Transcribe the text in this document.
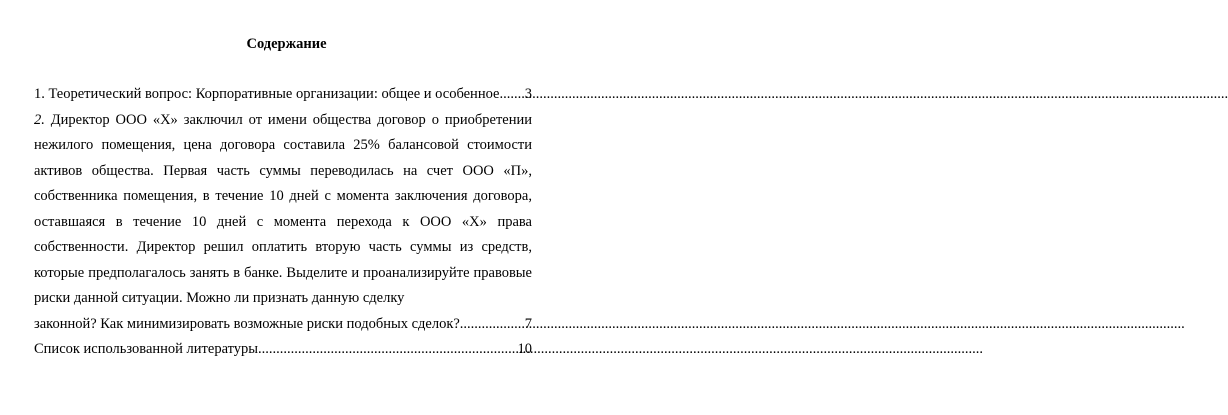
Содержание
1. Теоретический вопрос: Корпоративные организации: общее и особенное. ..... 3
2. Директор ООО «Х» заключил от имени общества договор о приобретении нежилого помещения, цена договора составила 25% балансовой стоимости активов общества. Первая часть суммы переводилась на счет ООО «П», собственника помещения, в течение 10 дней с момента заключения договора, оставшаяся в течение 10 дней с момента перехода к ООО «Х» права собственности. Директор решил оплатить вторую часть суммы из средств, которые предполагалось занять в банке. Выделите и проанализируйте правовые риски данной ситуации. Можно ли признать данную сделку
законной? Как минимизировать возможные риски подобных сделок? .....	7
Список использованной литературы .....	10
